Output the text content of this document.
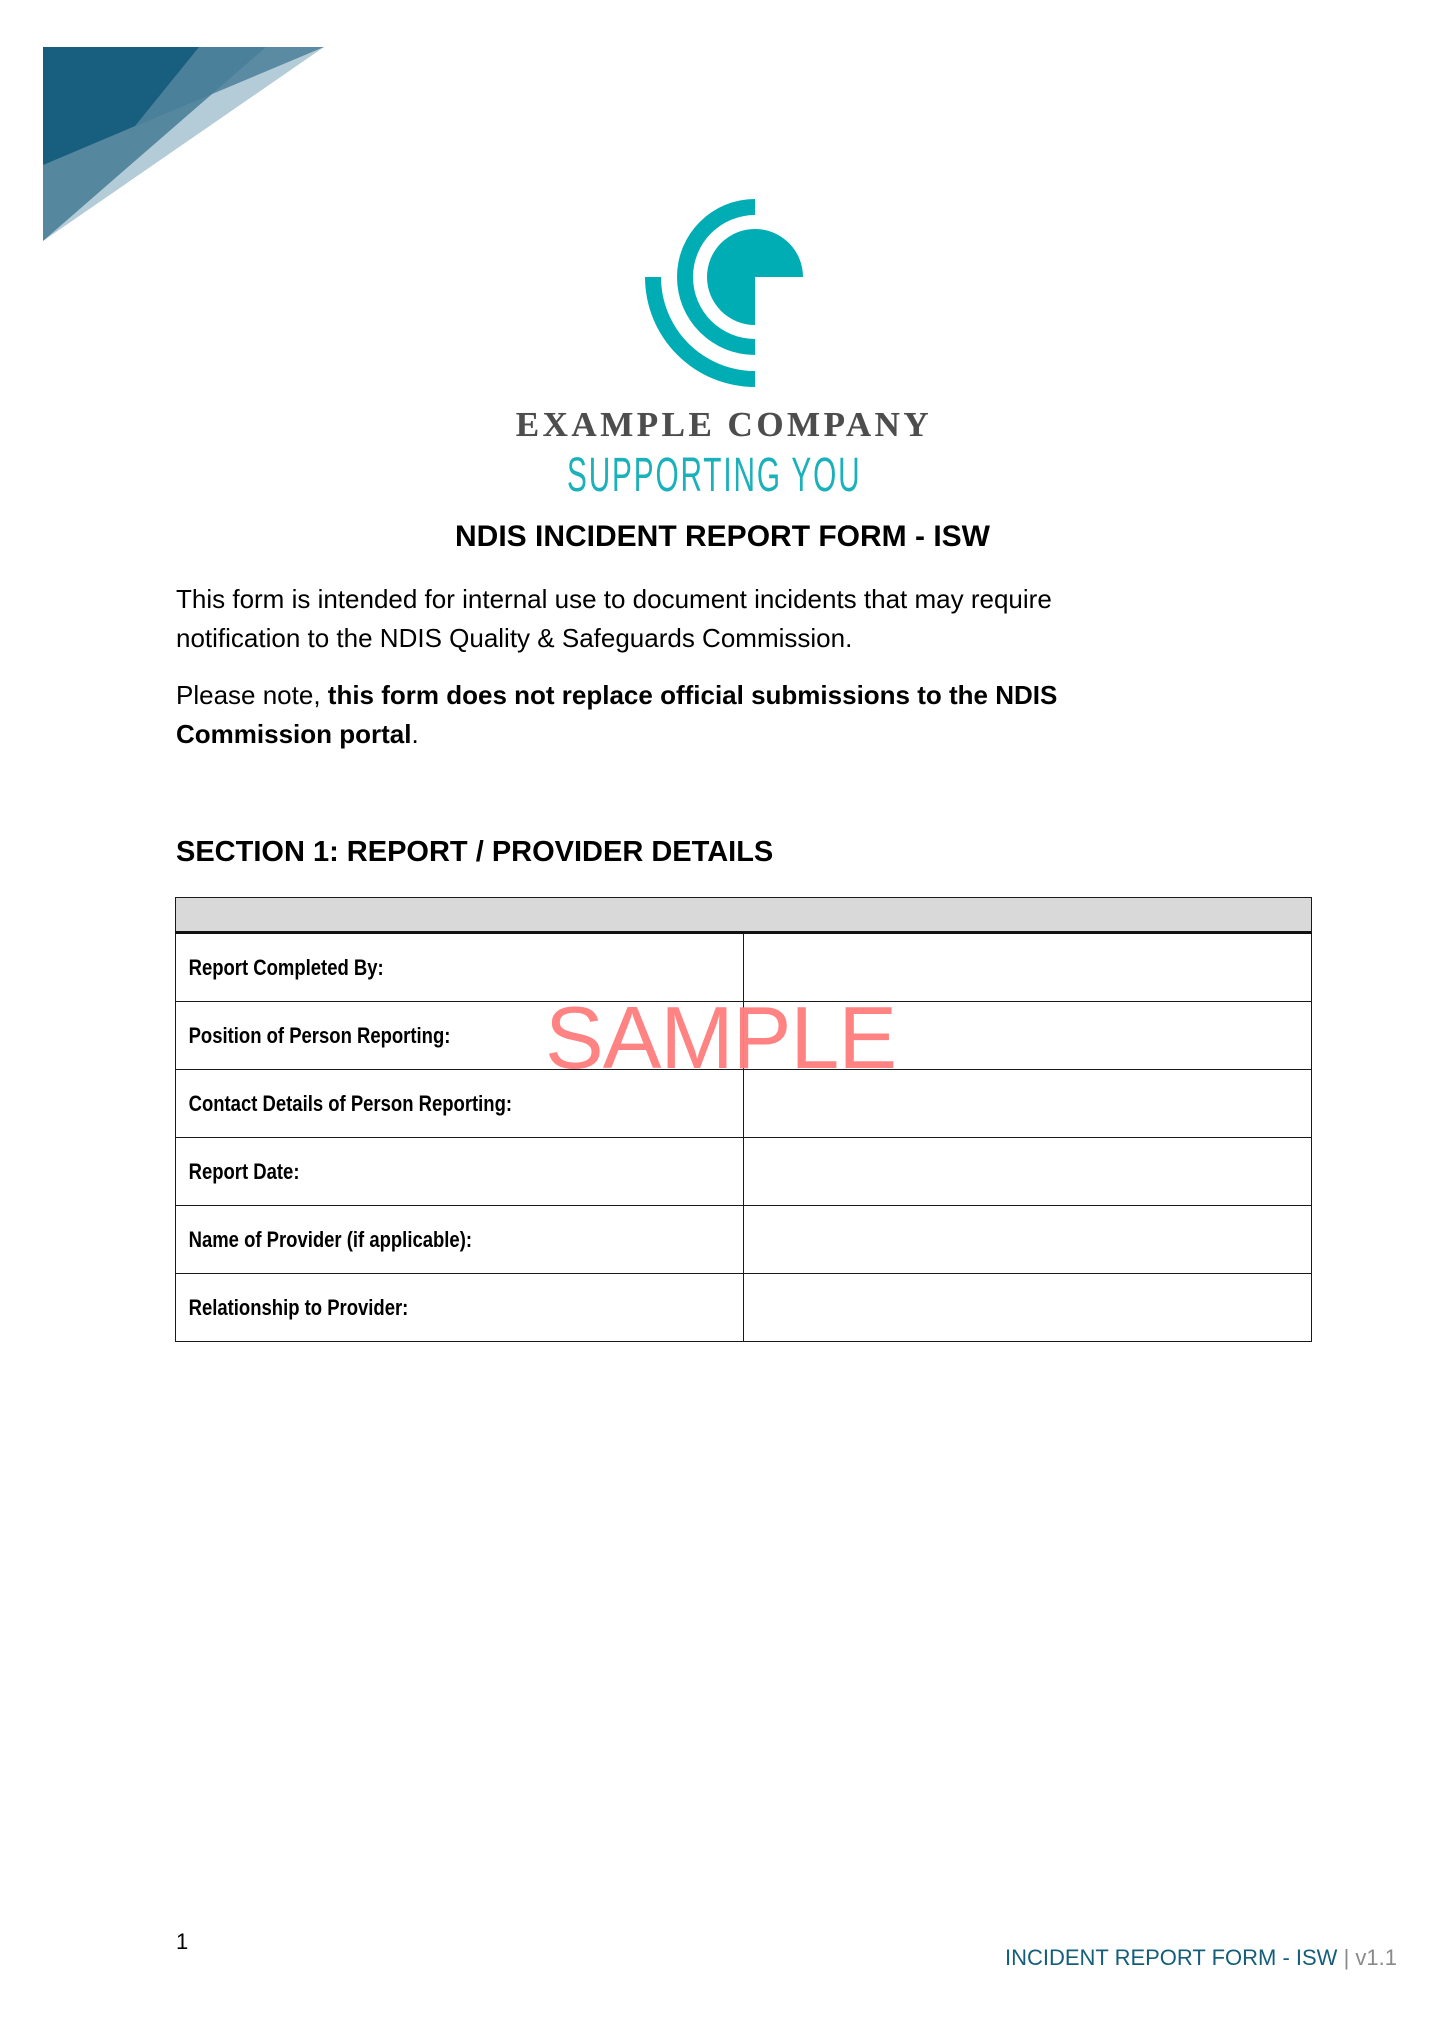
EXAMPLE COMPANY
SUPPORTING YOU
NDIS INCIDENT REPORT FORM - ISW
This form is intended for internal use to document incidents that may require notification to the NDIS Quality & Safeguards Commission.
Please note, this form does not replace official submissions to the NDIS Commission portal.
SECTION 1: REPORT / PROVIDER DETAILS

Report Completed By:	
Position of Person Reporting:	
Contact Details of Person Reporting:	
Report Date:	
Name of Provider (if applicable):	
Relationship to Provider:	
SAMPLE
1
INCIDENT REPORT FORM - ISW | v1.1
